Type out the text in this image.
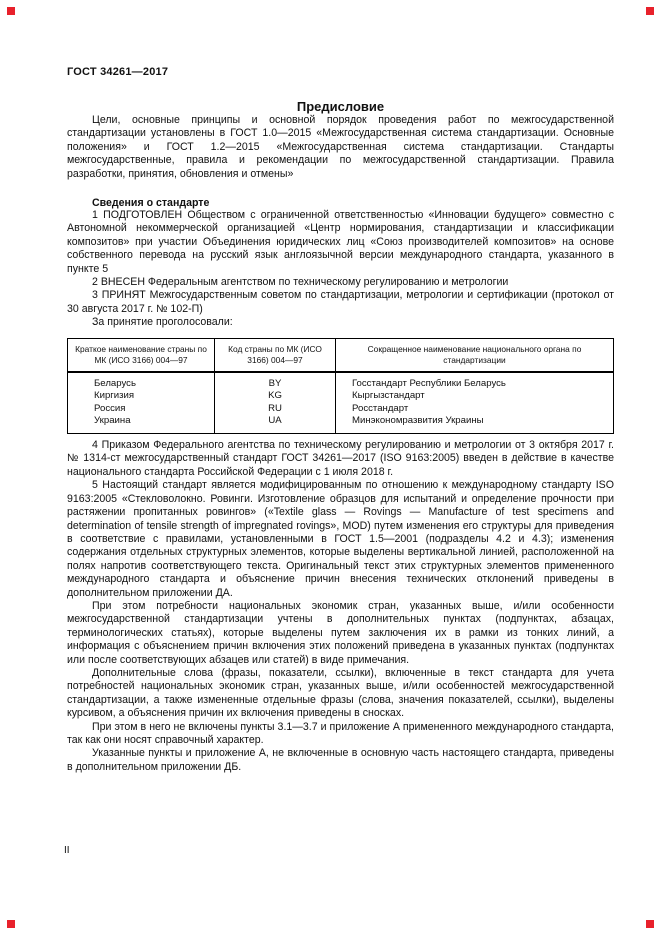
ГОСТ 34261—2017
Предисловие

Цели, основные принципы и основной порядок проведения работ по межгосударственной стандартизации установлены в ГОСТ 1.0—2015 «Межгосударственная система стандартизации. Основные положения» и ГОСТ 1.2—2015 «Межгосударственная система стандартизации. Стандарты межгосударственные, правила и рекомендации по межгосударственной стандартизации. Правила разработки, принятия, обновления и отмены»

Сведения о стандарте

1 ПОДГОТОВЛЕН Обществом с ограниченной ответственностью «Инновации будущего» совместно с Автономной некоммерческой организацией «Центр нормирования, стандартизации и классификации композитов» при участии Объединения юридических лиц «Союз производителей композитов» на основе собственного перевода на русский язык англоязычной версии международного стандарта, указанного в пункте 5

2 ВНЕСЕН Федеральным агентством по техническому регулированию и метрологии

3 ПРИНЯТ Межгосударственным советом по стандартизации, метрологии и сертификации (протокол от 30 августа 2017 г. № 102-П)

За принятие проголосовали:

Краткое наименование страны по МК (ИСО 3166) 004—97	Код страны по МК (ИСО 3166) 004—97	Сокращенное наименование национального органа по стандартизации
Беларусь	BY	Госстандарт Республики Беларусь
Киргизия	KG	Кыргызстандарт
Россия	RU	Росстандарт
Украина	UA	Минэкономразвития Украины

4 Приказом Федерального агентства по техническому регулированию и метрологии от 3 октября 2017 г. № 1314-ст межгосударственный стандарт ГОСТ 34261—2017 (ISO 9163:2005) введен в действие в качестве национального стандарта Российской Федерации с 1 июля 2018 г.

5 Настоящий стандарт является модифицированным по отношению к международному стандарту ISO 9163:2005 «Стекловолокно. Ровинги. Изготовление образцов для испытаний и определение прочности при растяжении пропитанных ровингов» («Textile glass — Rovings — Manufacture of test specimens and determination of tensile strength of impregnated rovings», MOD) путем изменения его структуры для приведения в соответствие с правилами, установленными в ГОСТ 1.5—2001 (подразделы 4.2 и 4.3); изменения содержания отдельных структурных элементов, которые выделены вертикальной линией, расположенной на полях напротив соответствующего текста. Оригинальный текст этих структурных элементов примененного международного стандарта и объяснение причин внесения технических отклонений приведены в дополнительном приложении ДА.

При этом потребности национальных экономик стран, указанных выше, и/или особенности межгосударственной стандартизации учтены в дополнительных пунктах (подпунктах, абзацах, терминологических статьях), которые выделены путем заключения их в рамки из тонких линий, а информация с объяснением причин включения этих положений приведена в указанных пунктах (подпунктах или после соответствующих абзацев или статей) в виде примечания.

Дополнительные слова (фразы, показатели, ссылки), включенные в текст стандарта для учета потребностей национальных экономик стран, указанных выше, и/или особенностей межгосударственной стандартизации, а также измененные отдельные фразы (слова, значения показателей, ссылки), выделены курсивом, а объяснения причин их включения приведены в сносках.

При этом в него не включены пункты 3.1—3.7 и приложение А примененного международного стандарта, так как они носят справочный характер.

Указанные пункты и приложение А, не включенные в основную часть настоящего стандарта, приведены в дополнительном приложении ДБ.

II
